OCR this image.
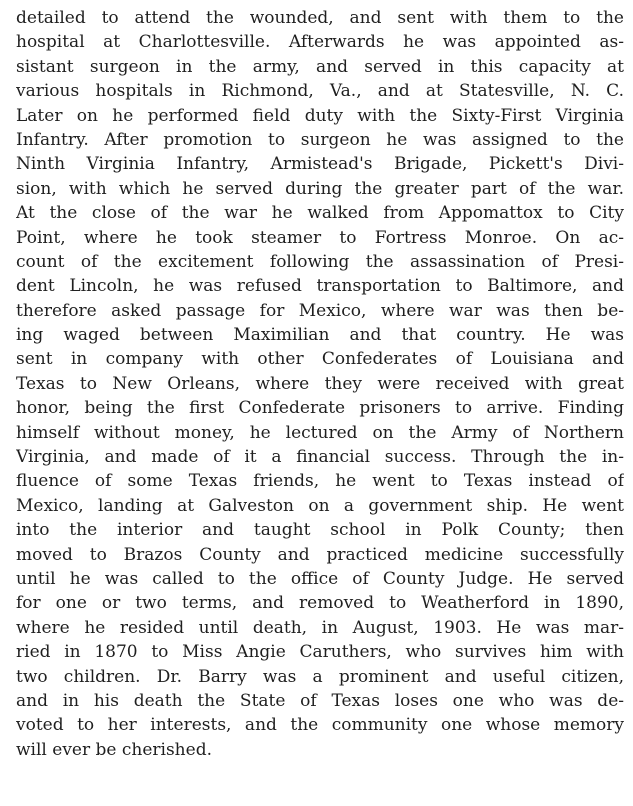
detailed to attend the wounded, and sent with them to the
hospital at Charlottesville. Afterwards he was appointed as-
sistant surgeon in the army, and served in this capacity at
various hospitals in Richmond, Va., and at Statesville, N. C.
Later on he performed field duty with the Sixty-First Virginia
Infantry. After promotion to surgeon he was assigned to the
Ninth Virginia Infantry, Armistead's Brigade, Pickett's Divi-
sion, with which he served during the greater part of the war.
At the close of the war he walked from Appomattox to City
Point, where he took steamer to Fortress Monroe. On ac-
count of the excitement following the assassination of Presi-
dent Lincoln, he was refused transportation to Baltimore, and
therefore asked passage for Mexico, where war was then be-
ing waged between Maximilian and that country. He was
sent in company with other Confederates of Louisiana and
Texas to New Orleans, where they were received with great
honor, being the first Confederate prisoners to arrive. Finding
himself without money, he lectured on the Army of Northern
Virginia, and made of it a financial success. Through the in-
fluence of some Texas friends, he went to Texas instead of
Mexico, landing at Galveston on a government ship. He went
into the interior and taught school in Polk County; then
moved to Brazos County and practiced medicine successfully
until he was called to the office of County Judge. He served
for one or two terms, and removed to Weatherford in 1890,
where he resided until death, in August, 1903. He was mar-
ried in 1870 to Miss Angie Caruthers, who survives him with
two children. Dr. Barry was a prominent and useful citizen,
and in his death the State of Texas loses one who was de-
voted to her interests, and the community one whose memory
will ever be cherished.
